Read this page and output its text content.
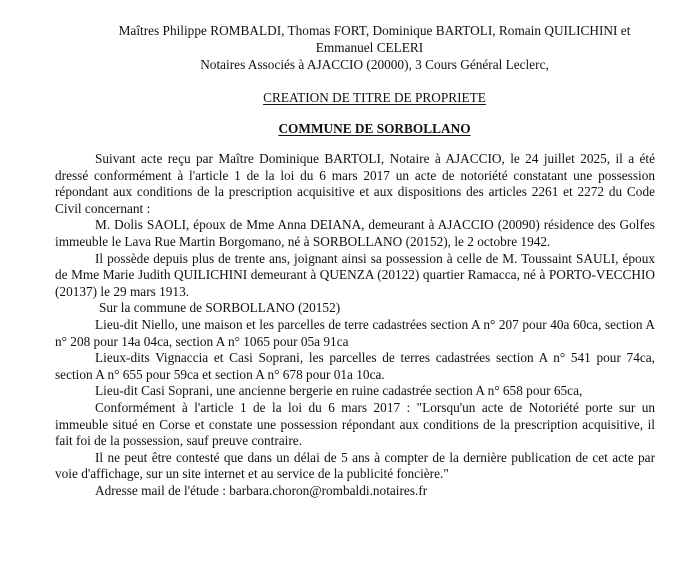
Maîtres Philippe ROMBALDI, Thomas FORT, Dominique BARTOLI, Romain QUILICHINI et
Emmanuel CELERI
Notaires Associés à AJACCIO (20000), 3 Cours Général Leclerc,
CREATION DE TITRE DE PROPRIETE
COMMUNE DE SORBOLLANO

Suivant acte reçu par Maître Dominique BARTOLI, Notaire à AJACCIO, le 24 juillet 2025, il a été dressé conformément à l'article 1 de la loi du 6 mars 2017 un acte de notoriété constatant une possession répondant aux conditions de la prescription acquisitive et aux dispositions des articles 2261 et 2272 du Code Civil concernant :

M. Dolis SAOLI, époux de Mme Anna DEIANA, demeurant à AJACCIO (20090) résidence des Golfes immeuble le Lava Rue Martin Borgomano, né à SORBOLLANO (20152), le 2 octobre 1942.

Il possède depuis plus de trente ans, joignant ainsi sa possession à celle de M. Toussaint SAULI, époux de Mme Marie Judith QUILICHINI demeurant à QUENZA (20122) quartier Ramacca, né à PORTO-VECCHIO (20137) le 29 mars 1913.

Sur la commune de SORBOLLANO (20152)

Lieu-dit Niello, une maison et les parcelles de terre cadastrées section A n° 207 pour 40a 60ca, section A n° 208 pour 14a 04ca, section A n° 1065 pour 05a 91ca

Lieux-dits Vignaccia et Casi Soprani, les parcelles de terres cadastrées section A n° 541 pour 74ca, section A n° 655 pour 59ca et section A n° 678 pour 01a 10ca.

Lieu-dit Casi Soprani, une ancienne bergerie en ruine cadastrée section A n° 658 pour 65ca,

Conformément à l'article 1 de la loi du 6 mars 2017 : "Lorsqu'un acte de Notoriété porte sur un immeuble situé en Corse et constate une possession répondant aux conditions de la prescription acquisitive, il fait foi de la possession, sauf preuve contraire.

Il ne peut être contesté que dans un délai de 5 ans à compter de la dernière publication de cet acte par voie d'affichage, sur un site internet et au service de la publicité foncière."

Adresse mail de l'étude : barbara.choron@rombaldi.notaires.fr
